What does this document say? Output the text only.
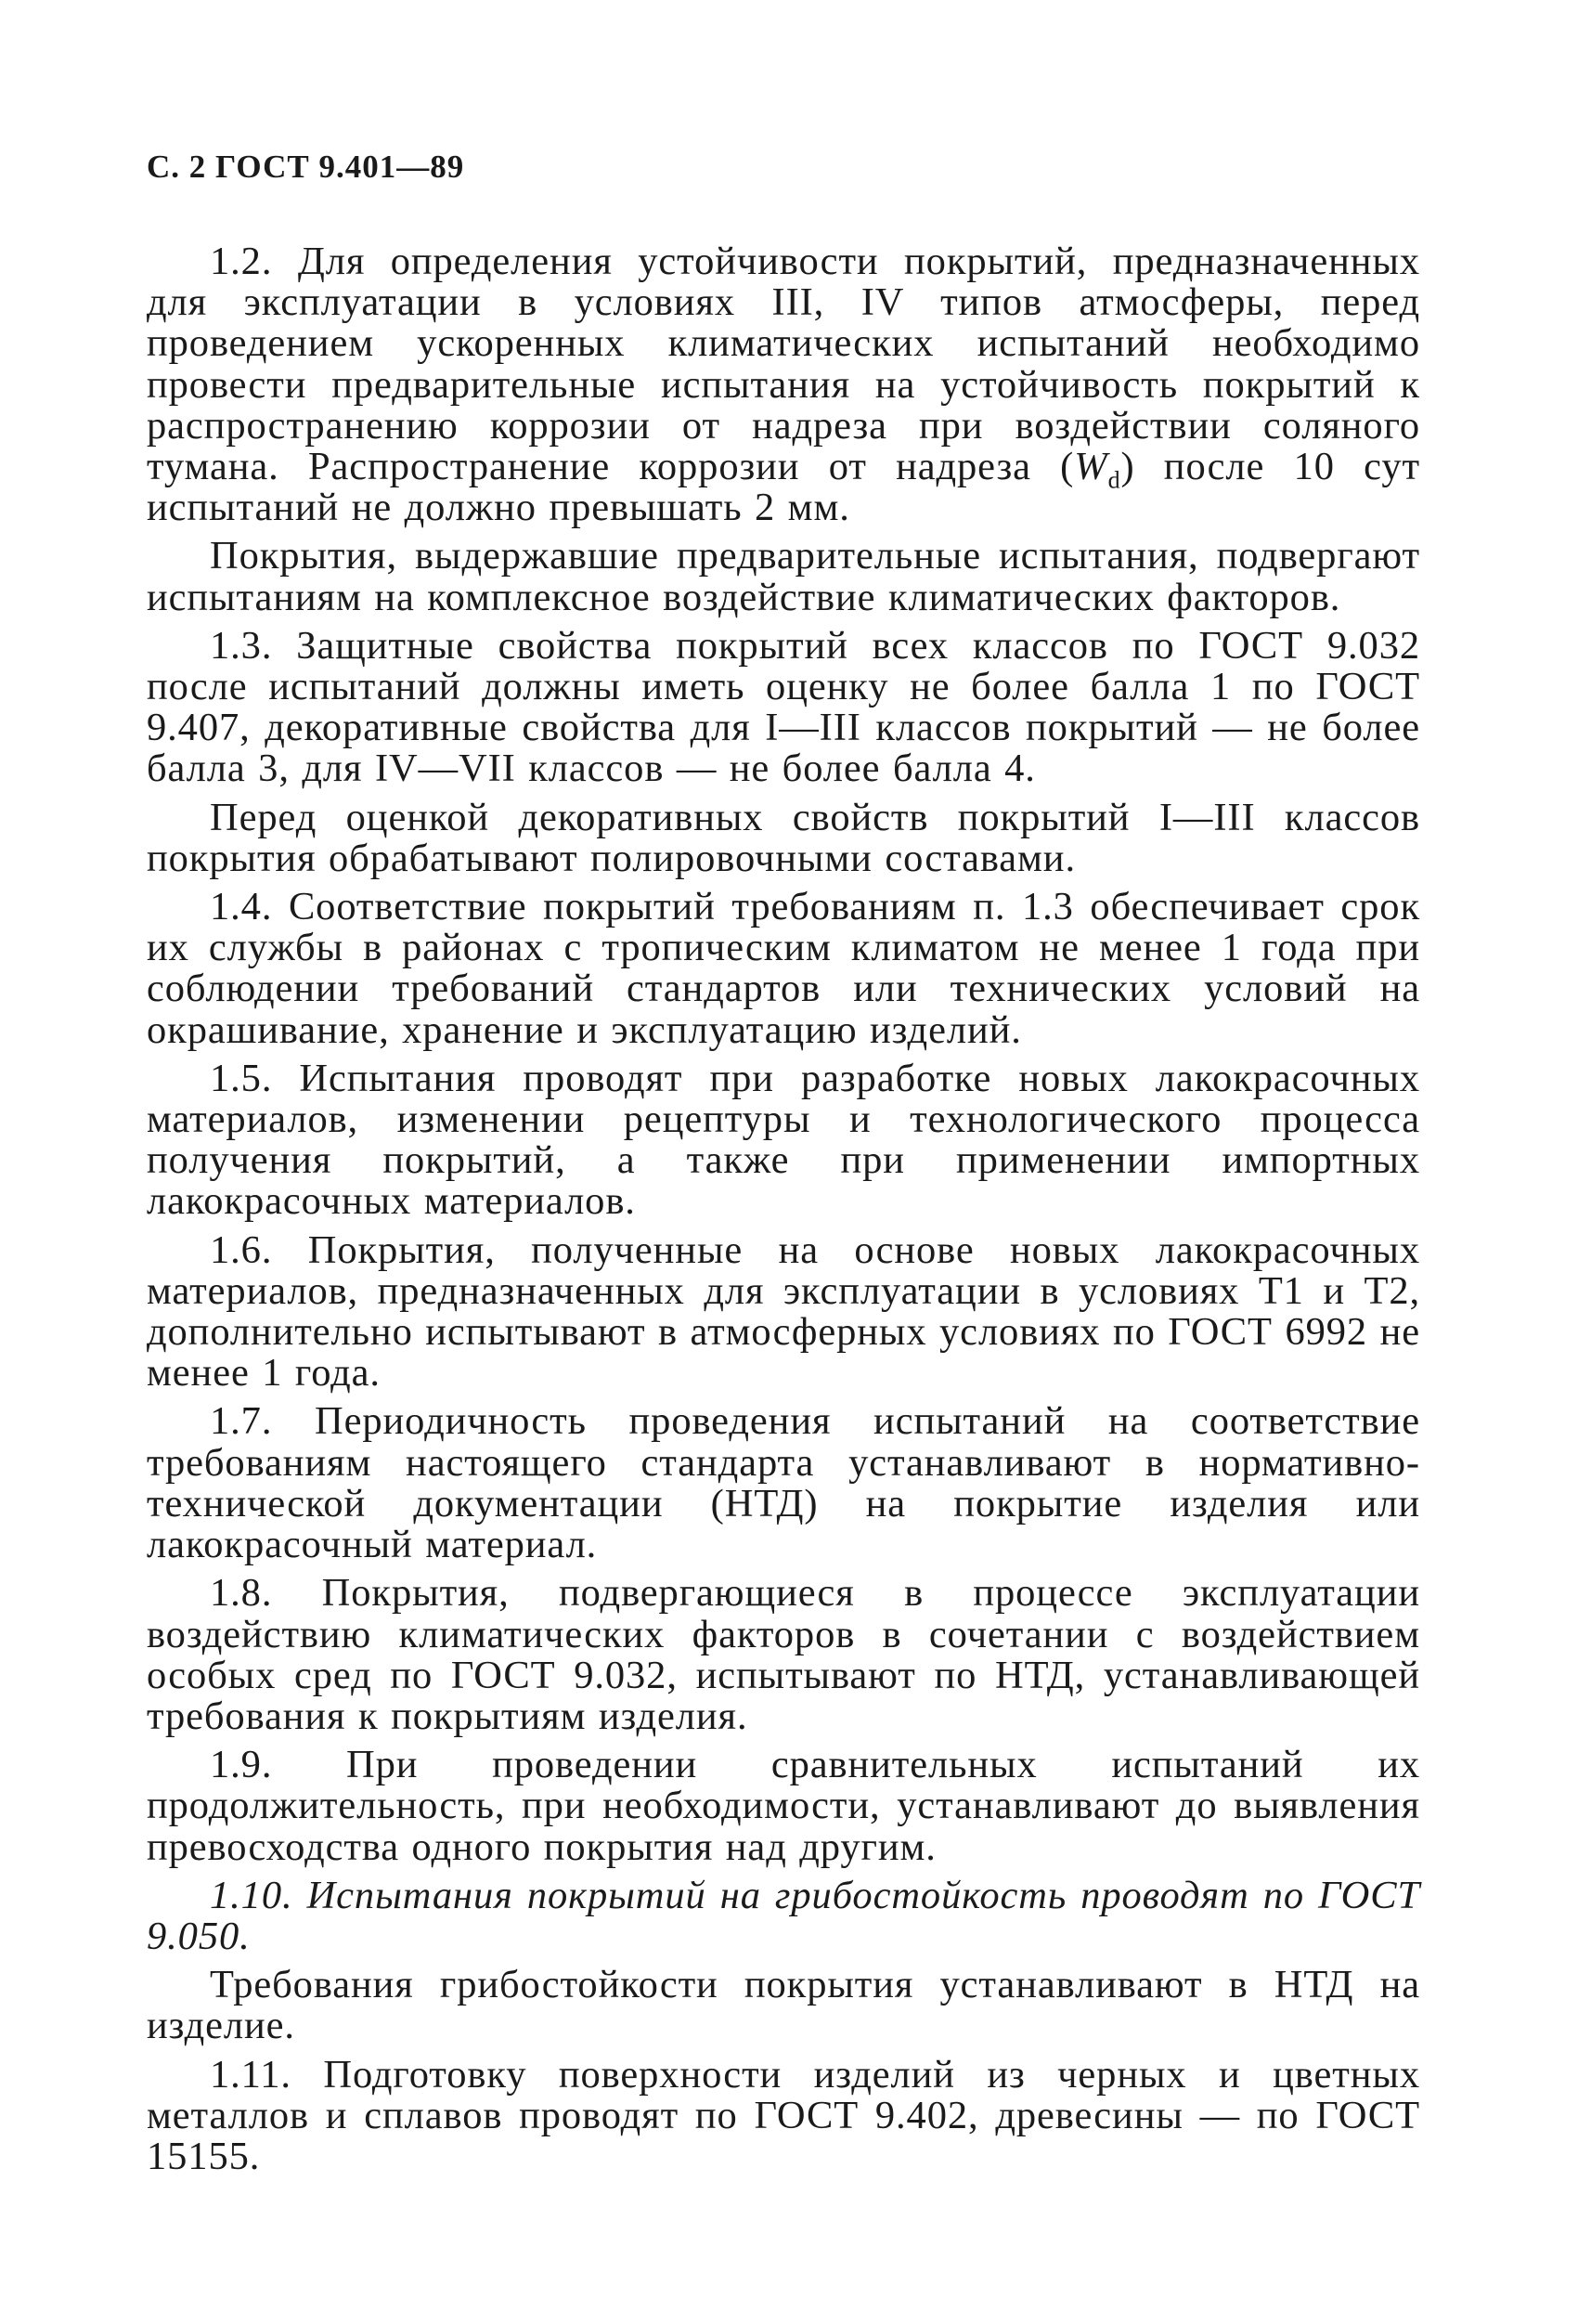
С. 2 ГОСТ 9.401—89

1.2. Для определения устойчивости покрытий, предназначенных для эксплуатации в условиях III, IV типов атмосферы, перед проведением ускоренных климатических испытаний необходимо провести предварительные испытания на устойчивость покрытий к распространению коррозии от надреза при воздействии соляного тумана. Распространение коррозии от надреза $(W_d)$ после 10 сут испытаний не должно превышать 2 мм.

Покрытия, выдержавшие предварительные испытания, подвергают испытаниям на комплексное воздействие климатических факторов.

1.3. Защитные свойства покрытий всех классов по ГОСТ 9.032 после испытаний должны иметь оценку не более балла 1 по ГОСТ 9.407, декоративные свойства для I—III классов покрытий — не более балла 3, для IV—VII классов — не более балла 4.

Перед оценкой декоративных свойств покрытий I—III классов покрытия обрабатывают полировочными составами.

1.4. Соответствие покрытий требованиям п. 1.3 обеспечивает срок их службы в районах с тропическим климатом не менее 1 года при соблюдении требований стандартов или технических условий на окрашивание, хранение и эксплуатацию изделий.

1.5. Испытания проводят при разработке новых лакокрасочных материалов, изменении рецептуры и технологического процесса получения покрытий, а также при применении импортных лакокрасочных материалов.

1.6. Покрытия, полученные на основе новых лакокрасочных материалов, предназначенных для эксплуатации в условиях Т1 и Т2, дополнительно испытывают в атмосферных условиях по ГОСТ 6992 не менее 1 года.

1.7. Периодичность проведения испытаний на соответствие требованиям настоящего стандарта устанавливают в нормативно-технической документации (НТД) на покрытие изделия или лакокрасочный материал.

1.8. Покрытия, подвергающиеся в процессе эксплуатации воздействию климатических факторов в сочетании с воздействием особых сред по ГОСТ 9.032, испытывают по НТД, устанавливающей требования к покрытиям изделия.

1.9. При проведении сравнительных испытаний их продолжительность, при необходимости, устанавливают до выявления превосходства одного покрытия над другим.

1.10. Испытания покрытий на грибостойкость проводят по ГОСТ 9.050.

Требования грибостойкости покрытия устанавливают в НТД на изделие.

1.11. Подготовку поверхности изделий из черных и цветных металлов и сплавов проводят по ГОСТ 9.402, древесины — по ГОСТ 15155.
